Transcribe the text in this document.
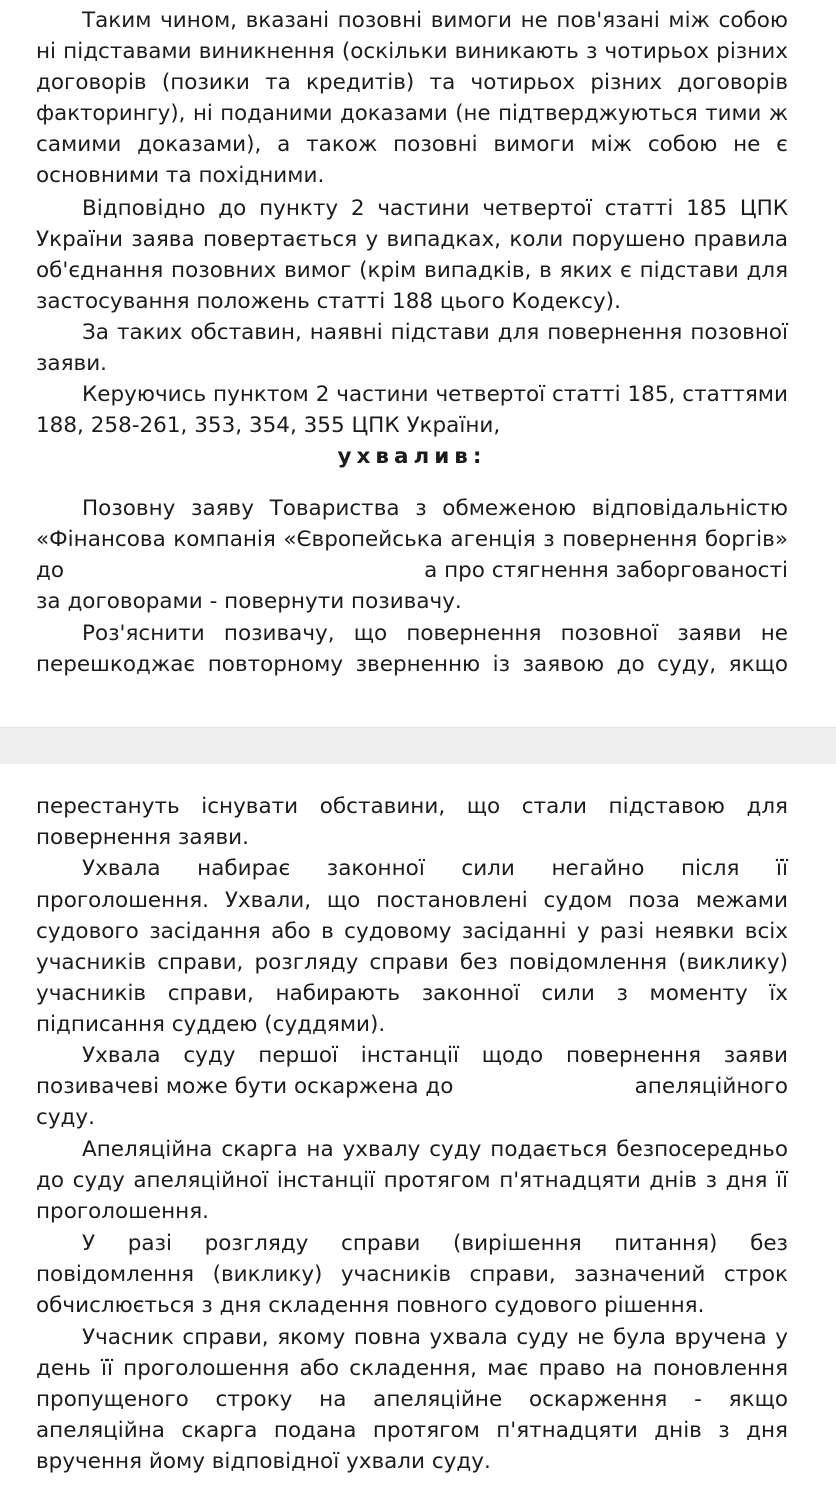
Таким чином, вказані позовні вимоги не пов'язані між собою
ні підставами виникнення (оскільки виникають з чотирьох різних
договорів (позики та кредитів) та чотирьох різних договорів
факторингу), ні поданими доказами (не підтверджуються тими ж
самими доказами), а також позовні вимоги між собою не є
основними та похідними.
Відповідно до пункту 2 частини четвертої статті 185 ЦПК
України заява повертається у випадках, коли порушено правила
об'єднання позовних вимог (крім випадків, в яких є підстави для
застосування положень статті 188 цього Кодексу).
За таких обставин, наявні підстави для повернення позовної
заяви.
Керуючись пунктом 2 частини четвертої статті 185, статтями
188, 258-261, 353, 354, 355 ЦПК України,
ухвалив:
Позовну заяву Товариства з обмеженою відповідальністю
«Фінансова компанія «Європейська агенція з повернення боргів»
до	а про стягнення заборгованості
за договорами - повернути позивачу.
Роз'яснити позивачу, що повернення позовної заяви не
перешкоджає повторному зверненню із заявою до суду, якщо
перестануть існувати обставини, що стали підставою для
повернення заяви.
Ухвала набирає законної сили негайно після її
проголошення. Ухвали, що постановлені судом поза межами
судового засідання або в судовому засіданні у разі неявки всіх
учасників справи, розгляду справи без повідомлення (виклику)
учасників справи, набирають законної сили з моменту їх
підписання суддею (суддями).
Ухвала суду першої інстанції щодо повернення заяви
позивачеві може бути оскаржена до	апеляційного
суду.
Апеляційна скарга на ухвалу суду подається безпосередньо
до суду апеляційної інстанції протягом п'ятнадцяти днів з дня її
проголошення.
У разі розгляду справи (вирішення питання) без
повідомлення (виклику) учасників справи, зазначений строк
обчислюється з дня складення повного судового рішення.
Учасник справи, якому повна ухвала суду не була вручена у
день її проголошення або складення, має право на поновлення
пропущеного строку на апеляційне оскарження - якщо
апеляційна скарга подана протягом п'ятнадцяти днів з дня
вручення йому відповідної ухвали суду.
